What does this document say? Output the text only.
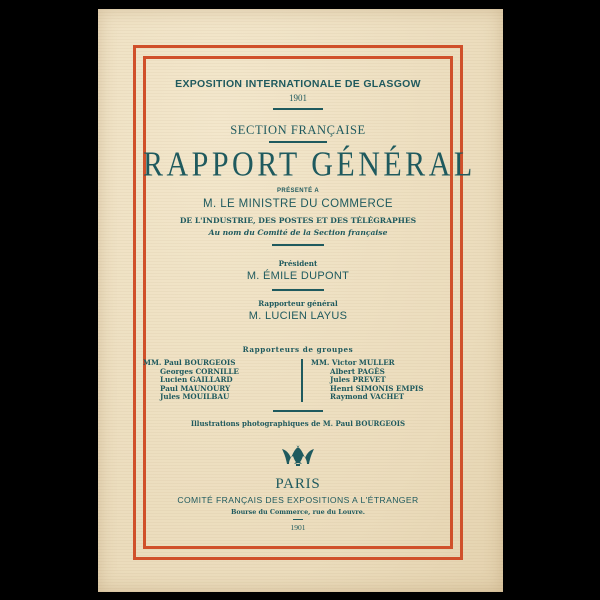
EXPOSITION INTERNATIONALE DE GLASGOW
1901
SECTION FRANÇAISE
RAPPORT GÉNÉRAL
PRÉSENTÉ A
M. LE MINISTRE DU COMMERCE
DE L'INDUSTRIE, DES POSTES ET DES TÉLÉGRAPHES
Au nom du Comité de la Section française
Président
M. ÉMILE DUPONT
Rapporteur général
M. LUCIEN LAYUS
Rapporteurs de groupes
MM. Paul BOURGEOIS
Georges CORNILLE
Lucien GAILLARD
Paul MAUNOURY
Jules MOUILBAU
MM. Victor MULLER
Albert PAGÈS
Jules PREVET
Henri SIMONIS EMPIS
Raymond VACHET
Illustrations photographiques de M. Paul BOURGEOIS
PARIS
COMITÉ FRANÇAIS DES EXPOSITIONS A L'ÉTRANGER
Bourse du Commerce, rue du Louvre.
1901
